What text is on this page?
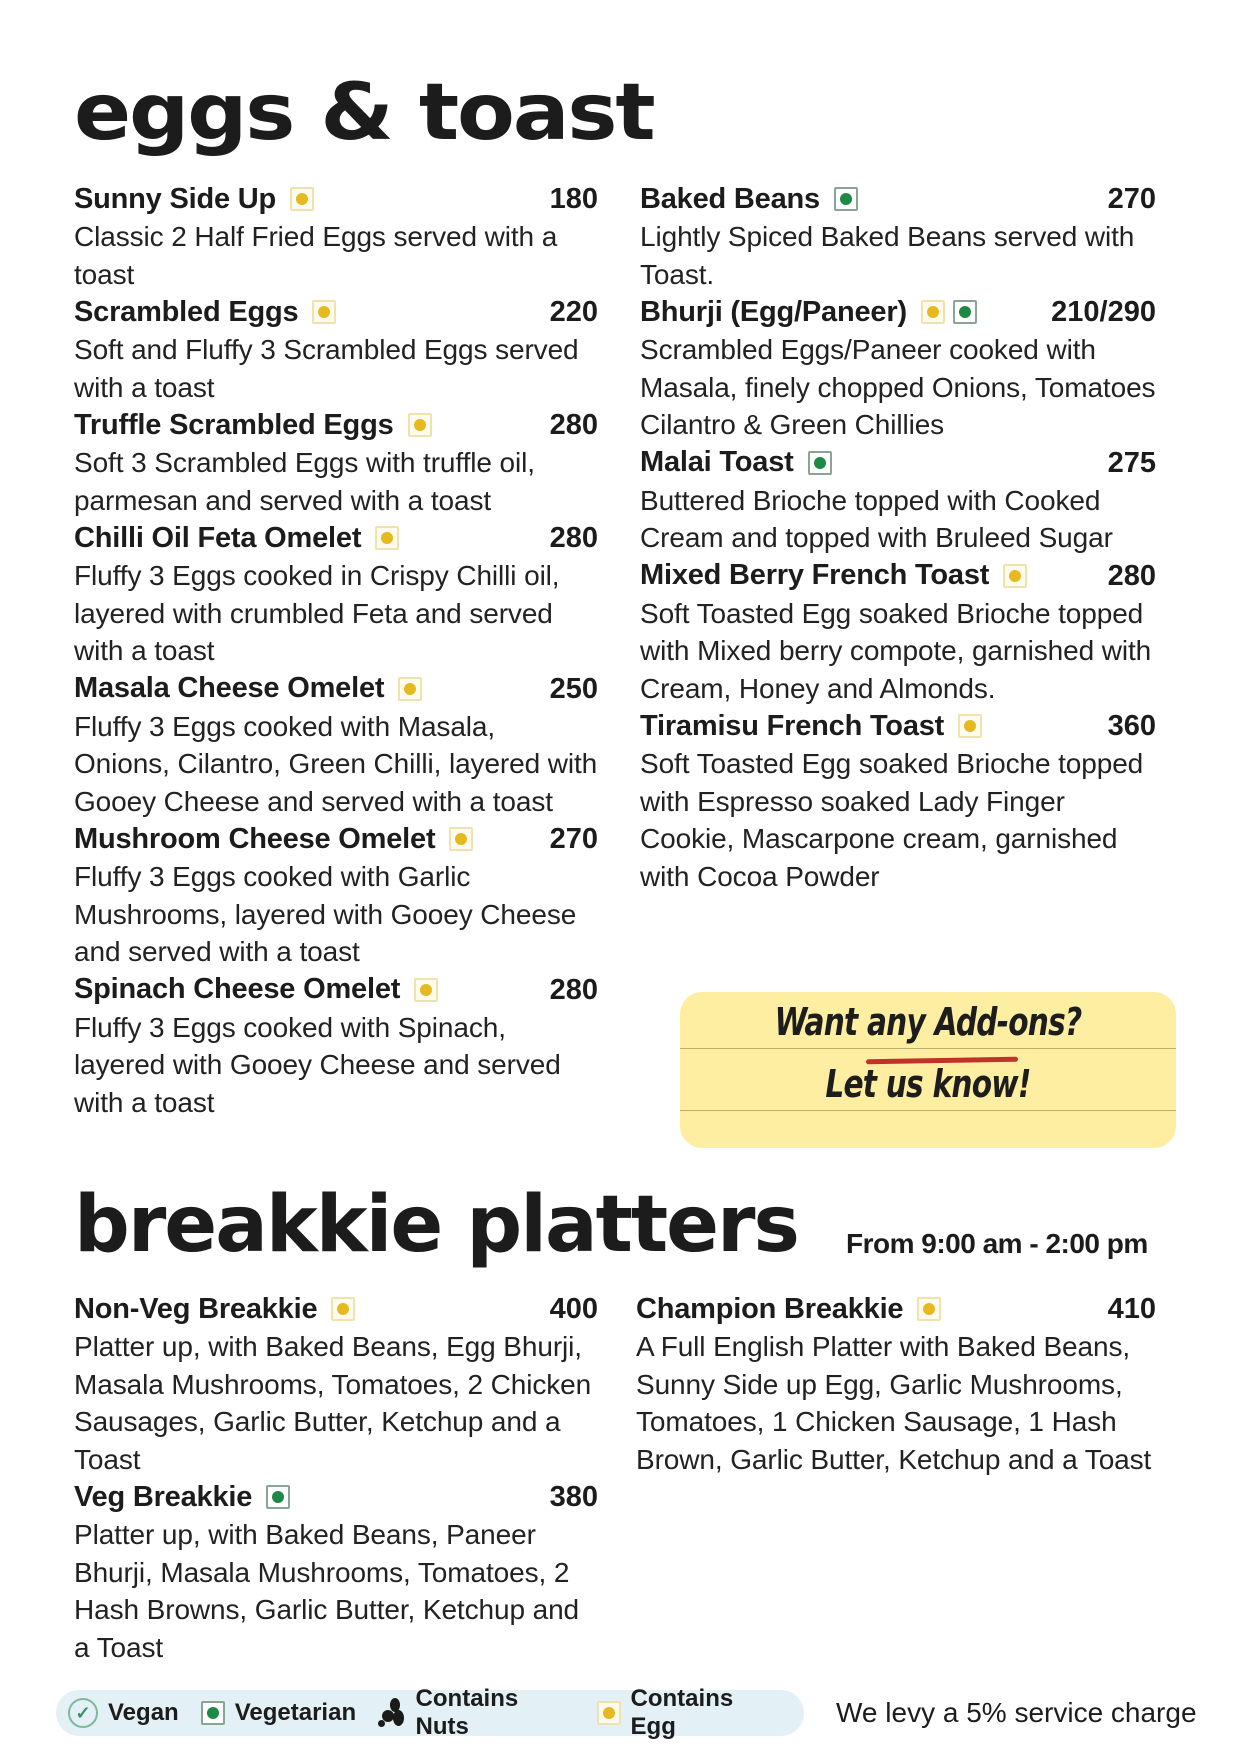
eggs & toast
Sunny Side Up	180
Classic 2 Half Fried Eggs served with a toast
Scrambled Eggs	220
Soft and Fluffy 3 Scrambled Eggs served with a toast
Truffle Scrambled Eggs	280
Soft 3 Scrambled Eggs with truffle oil, parmesan and served with a toast
Chilli Oil Feta Omelet	280
Fluffy 3 Eggs cooked in Crispy Chilli oil, layered with crumbled Feta and served with a toast
Masala Cheese Omelet	250
Fluffy 3 Eggs cooked with Masala, Onions, Cilantro, Green Chilli, layered with Gooey Cheese and served with a toast
Mushroom Cheese Omelet	270
Fluffy 3 Eggs cooked with Garlic Mushrooms, layered with Gooey Cheese and served with a toast
Spinach Cheese Omelet	280
Fluffy 3 Eggs cooked with Spinach, layered with Gooey Cheese and served with a toast
Baked Beans	270
Lightly Spiced Baked Beans served with Toast.
Bhurji (Egg/Paneer)	210/290
Scrambled Eggs/Paneer cooked with Masala, finely chopped Onions, Tomatoes Cilantro & Green Chillies
Malai Toast	275
Buttered Brioche topped with Cooked Cream and topped with Bruleed Sugar
Mixed Berry French Toast	280
Soft Toasted Egg soaked Brioche topped with Mixed berry compote, garnished with Cream, Honey and Almonds.
Tiramisu French Toast	360
Soft Toasted Egg soaked Brioche topped with Espresso soaked Lady Finger Cookie, Mascarpone cream, garnished with Cocoa Powder
Want any Add-ons?
Let us know!
breakkie platters From 9:00 am - 2:00 pm
Non-Veg Breakkie	400
Platter up, with Baked Beans, Egg Bhurji, Masala Mushrooms, Tomatoes, 2 Chicken Sausages, Garlic Butter, Ketchup and a Toast
Veg Breakkie	380
Platter up, with Baked Beans, Paneer Bhurji, Masala Mushrooms, Tomatoes, 2 Hash Browns, Garlic Butter, Ketchup and a Toast
Champion Breakkie	410
A Full English Platter with Baked Beans, Sunny Side up Egg, Garlic Mushrooms, Tomatoes, 1 Chicken Sausage, 1 Hash Brown, Garlic Butter, Ketchup and a Toast
✓ Vegan Vegetarian
Contains Nuts
Contains Egg	We levy a 5% service charge
